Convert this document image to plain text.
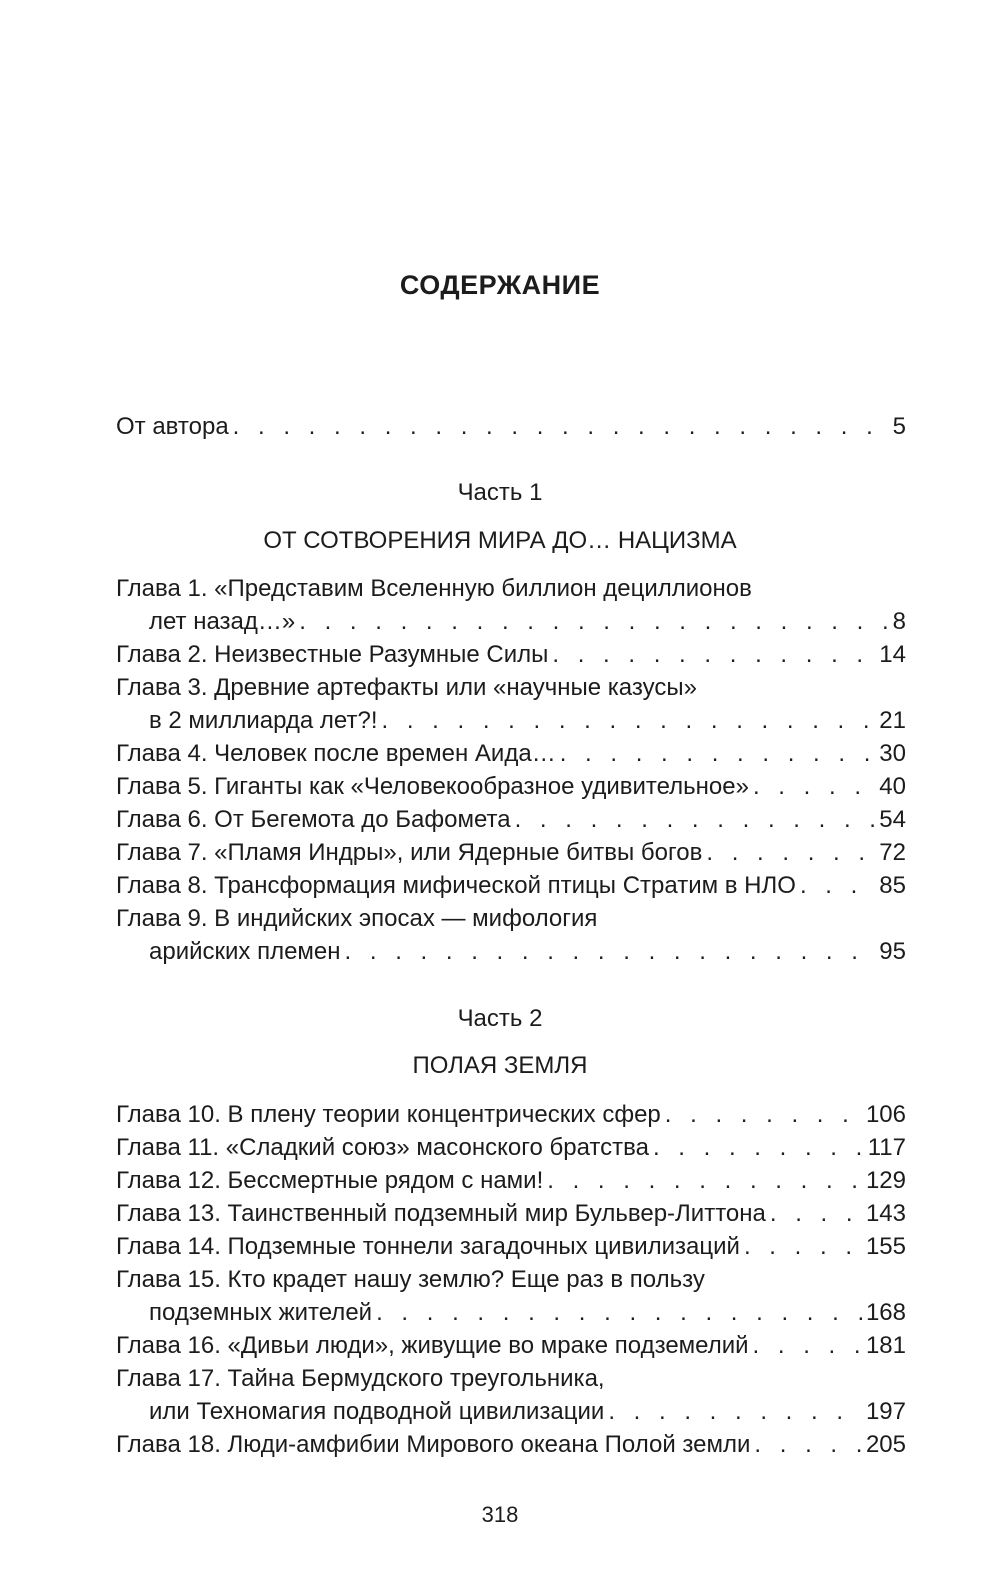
СОДЕРЖАНИЕ
От автора . . .	5
Часть 1
ОТ СОТВОРЕНИЯ МИРА ДО… НАЦИЗМА
Глава 1. «Представим Вселенную биллион дециллионов
лет назад…» . . .	8
Глава 2. Неизвестные Разумные Силы . . .	14
Глава 3. Древние артефакты или «научные казусы»
в 2 миллиарда лет?! . . .	21
Глава 4. Человек после времен Аида… . . .	30
Глава 5. Гиганты как «Человекообразное удивительное» . . .	40
Глава 6. От Бегемота до Бафомета . . .	54
Глава 7. «Пламя Индры», или Ядерные битвы богов . . .	72
Глава 8. Трансформация мифической птицы Стратим в НЛО . . .	85
Глава 9. В индийских эпосах — мифология
арийских племен . . .	95
Часть 2
ПОЛАЯ ЗЕМЛЯ
Глава 10. В плену теории концентрических сфер . . .	106
Глава 11. «Сладкий союз» масонского братства . . .	117
Глава 12. Бессмертные рядом с нами! . . .	129
Глава 13. Таинственный подземный мир Бульвер-Литтона . . .	143
Глава 14. Подземные тоннели загадочных цивилизаций . . .	155
Глава 15. Кто крадет нашу землю? Еще раз в пользу
подземных жителей . . .	168
Глава 16. «Дивьи люди», живущие во мраке подземелий . . .	181
Глава 17. Тайна Бермудского треугольника,
или Техномагия подводной цивилизации . . .	197
Глава 18. Люди-амфибии Мирового океана Полой земли . . .	205
318
